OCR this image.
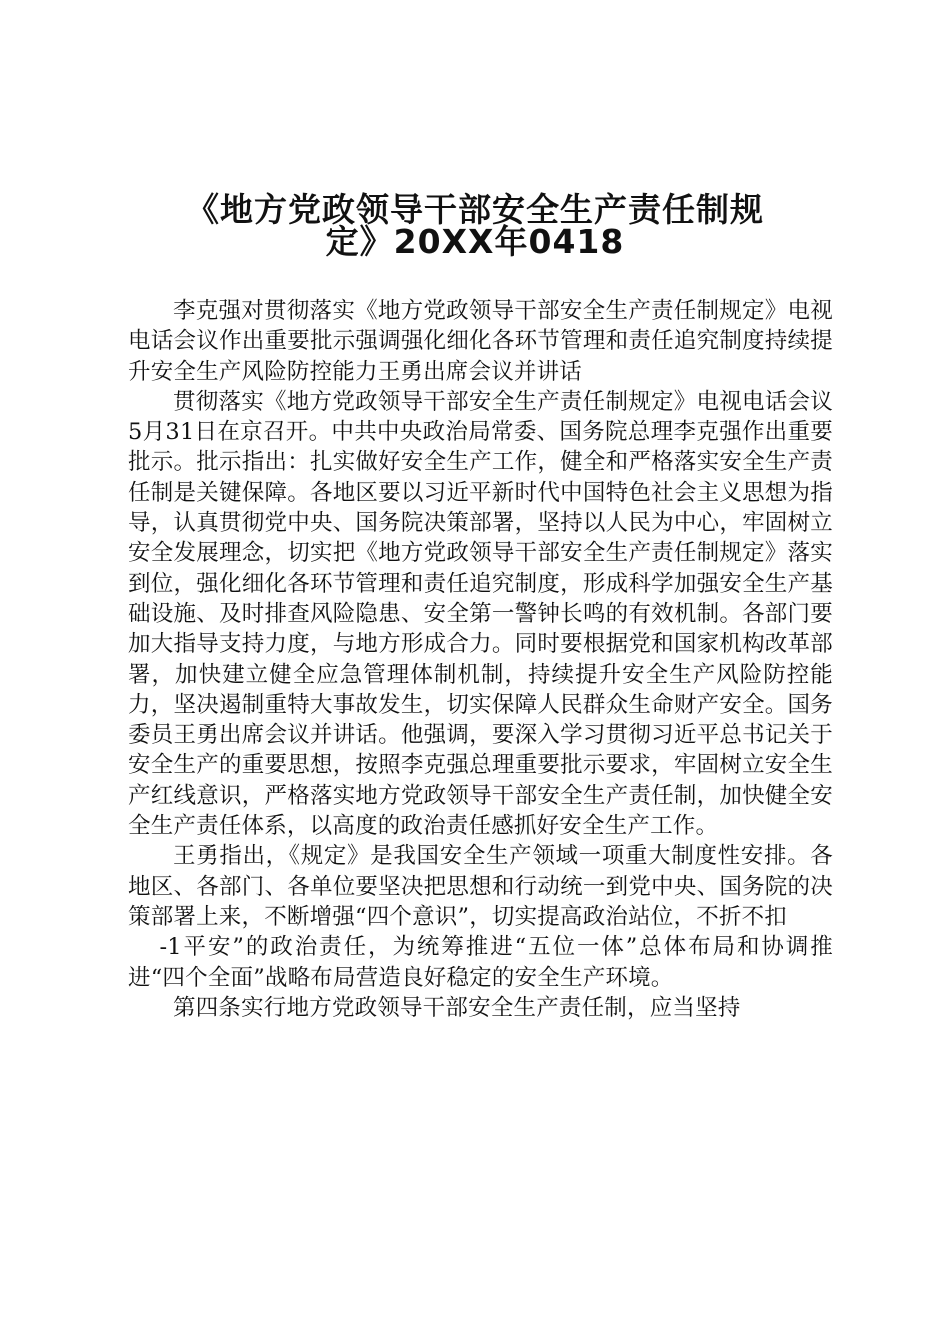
《地方党政领导干部安全生产责任制规
定》20XX年0418

李克强对贯彻落实《地方党政领导干部安全生产责任制规定》电视电话会议作出重要批示强调强化细化各环节管理和责任追究制度持续提升安全生产风险防控能力王勇出席会议并讲话

贯彻落实《地方党政领导干部安全生产责任制规定》电视电话会议5月31日在京召开。中共中央政治局常委、国务院总理李克强作出重要批示。批示指出：扎实做好安全生产工作，健全和严格落实安全生产责任制是关键保障。各地区要以习近平新时代中国特色社会主义思想为指导，认真贯彻党中央、国务院决策部署，坚持以人民为中心，牢固树立安全发展理念，切实把《地方党政领导干部安全生产责任制规定》落实到位，强化细化各环节管理和责任追究制度，形成科学加强安全生产基础设施、及时排查风险隐患、安全第一警钟长鸣的有效机制。各部门要加大指导支持力度，与地方形成合力。同时要根据党和国家机构改革部署，加快建立健全应急管理体制机制，持续提升安全生产风险防控能力，坚决遏制重特大事故发生，切实保障人民群众生命财产安全。国务委员王勇出席会议并讲话。他强调，要深入学习贯彻习近平总书记关于安全生产的重要思想，按照李克强总理重要批示要求，牢固树立安全生产红线意识，严格落实地方党政领导干部安全生产责任制，加快健全安全生产责任体系，以高度的政治责任感抓好安全生产工作。

王勇指出，《规定》是我国安全生产领域一项重大制度性安排。各地区、各部门、各单位要坚决把思想和行动统一到党中央、国务院的决策部署上来，不断增强“四个意识”，切实提高政治站位，不折不扣

-1平安”的政治责任，为统筹推进“五位一体”总体布局和协调推进“四个全面”战略布局营造良好稳定的安全生产环境。

第四条实行地方党政领导干部安全生产责任制，应当坚持
